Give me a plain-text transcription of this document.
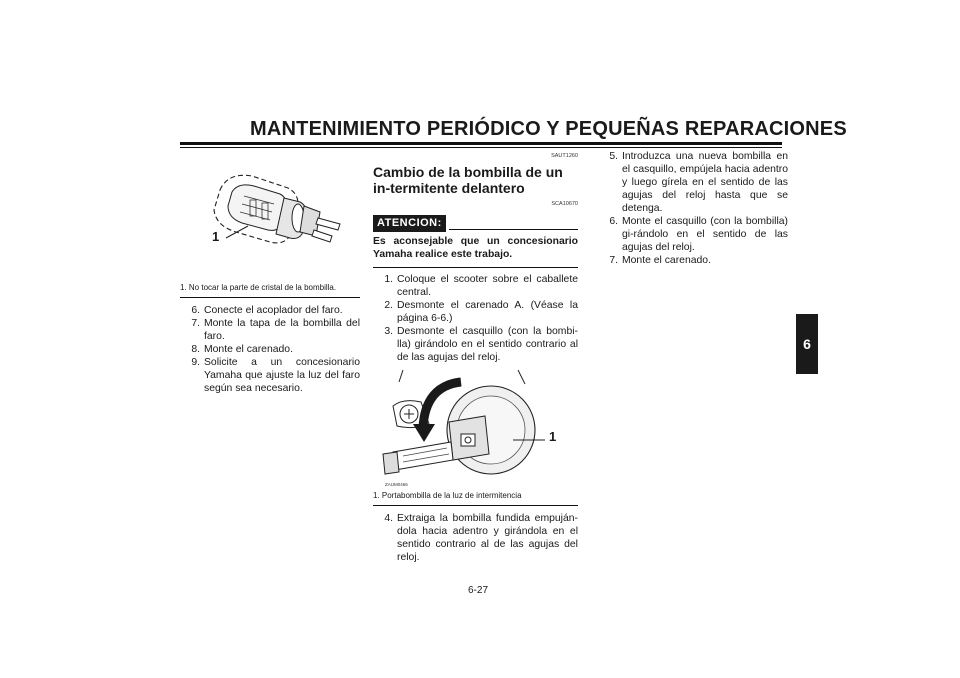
MANTENIMIENTO PERIÓDICO Y PEQUEÑAS REPARACIONES
6
1
1. No tocar la parte de cristal de la bombilla.
6. Conecte el acoplador del faro.
7. Monte la tapa de la bombilla del faro.
8. Monte el carenado.
9. Solicite a un concesionario Yamaha que ajuste la luz del faro según sea necesario.
SAUT1260
Cambio de la bombilla de un in-termitente delantero
SCA10670
ATENCION:
Es aconsejable que un concesionario Yamaha realice este trabajo.
1. Coloque el scooter sobre el caballete central.
2. Desmonte el carenado A. (Véase la página 6-6.)
3. Desmonte el casquillo (con la bombi-lla) girándolo en el sentido contrario al de las agujas del reloj.
1
ZAUM0466
1. Portabombilla de la luz de intermitencia
4. Extraiga la bombilla fundida empuján-dola hacia adentro y girándola en el sentido contrario al de las agujas del reloj.
5. Introduzca una nueva bombilla en el casquillo, empújela hacia adentro y luego gírela en el sentido de las agujas del reloj hasta que se detenga.
6. Monte el casquillo (con la bombilla) gi-rándolo en el sentido de las agujas del reloj.
7. Monte el carenado.
6-27
